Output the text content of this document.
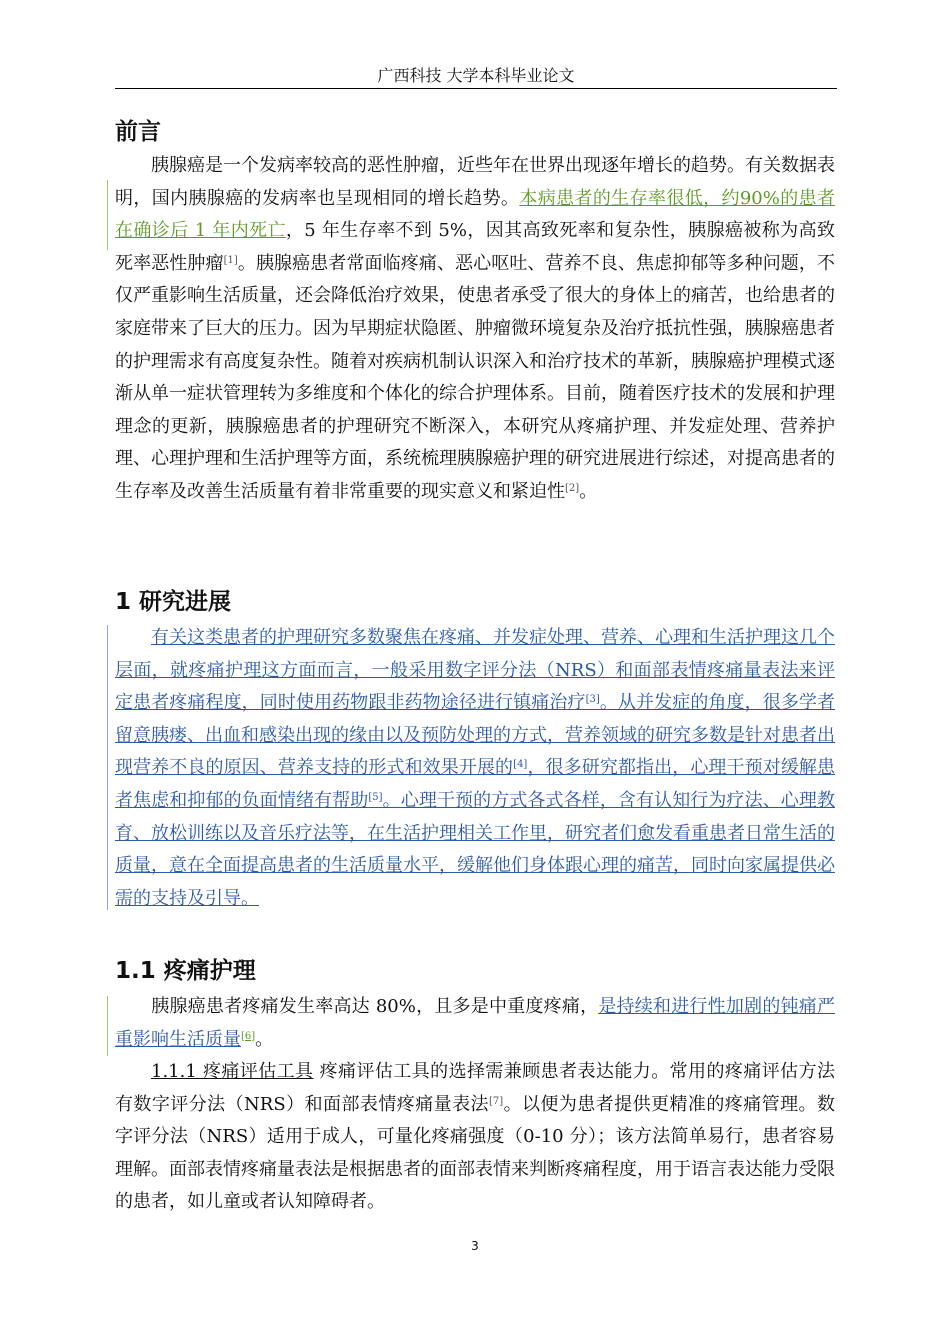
广西科技 大学本科毕业论文
前言
胰腺癌是一个发病率较高的恶性肿瘤，近些年在世界出现逐年增长的趋势。有关数据表明，国内胰腺癌的发病率也呈现相同的增长趋势。本病患者的生存率很低，约90%的患者在确诊后 1 年内死亡，5 年生存率不到 5%，因其高致死率和复杂性，胰腺癌被称为高致死率恶性肿瘤[1]。胰腺癌患者常面临疼痛、恶心呕吐、营养不良、焦虑抑郁等多种问题，不仅严重影响生活质量，还会降低治疗效果，使患者承受了很大的身体上的痛苦，也给患者的家庭带来了巨大的压力。因为早期症状隐匿、肿瘤微环境复杂及治疗抵抗性强，胰腺癌患者的护理需求有高度复杂性。随着对疾病机制认识深入和治疗技术的革新，胰腺癌护理模式逐渐从单一症状管理转为多维度和个体化的综合护理体系。目前，随着医疗技术的发展和护理理念的更新，胰腺癌患者的护理研究不断深入，本研究从疼痛护理、并发症处理、营养护理、心理护理和生活护理等方面，系统梳理胰腺癌护理的研究进展进行综述，对提高患者的生存率及改善生活质量有着非常重要的现实意义和紧迫性[2]。
1 研究进展
有关这类患者的护理研究多数聚焦在疼痛、并发症处理、营养、心理和生活护理这几个层面，就疼痛护理这方面而言，一般采用数字评分法（NRS）和面部表情疼痛量表法来评定患者疼痛程度，同时使用药物跟非药物途径进行镇痛治疗[3]。从并发症的角度，很多学者留意胰瘘、出血和感染出现的缘由以及预防处理的方式，营养领域的研究多数是针对患者出现营养不良的原因、营养支持的形式和效果开展的[4]，很多研究都指出，心理干预对缓解患者焦虑和抑郁的负面情绪有帮助[5]。心理干预的方式各式各样，含有认知行为疗法、心理教育、放松训练以及音乐疗法等，在生活护理相关工作里，研究者们愈发看重患者日常生活的质量，意在全面提高患者的生活质量水平，缓解他们身体跟心理的痛苦，同时向家属提供必需的支持及引导。
1.1 疼痛护理
胰腺癌患者疼痛发生率高达 80%，且多是中重度疼痛，是持续和进行性加剧的钝痛严重影响生活质量[6]。
1.1.1 疼痛评估工具 疼痛评估工具的选择需兼顾患者表达能力。常用的疼痛评估方法有数字评分法（NRS）和面部表情疼痛量表法[7]。以便为患者提供更精准的疼痛管理。数字评分法（NRS）适用于成人，可量化疼痛强度（0-10 分）；该方法简单易行，患者容易理解。面部表情疼痛量表法是根据患者的面部表情来判断疼痛程度，用于语言表达能力受限的患者，如儿童或者认知障碍者。
3
